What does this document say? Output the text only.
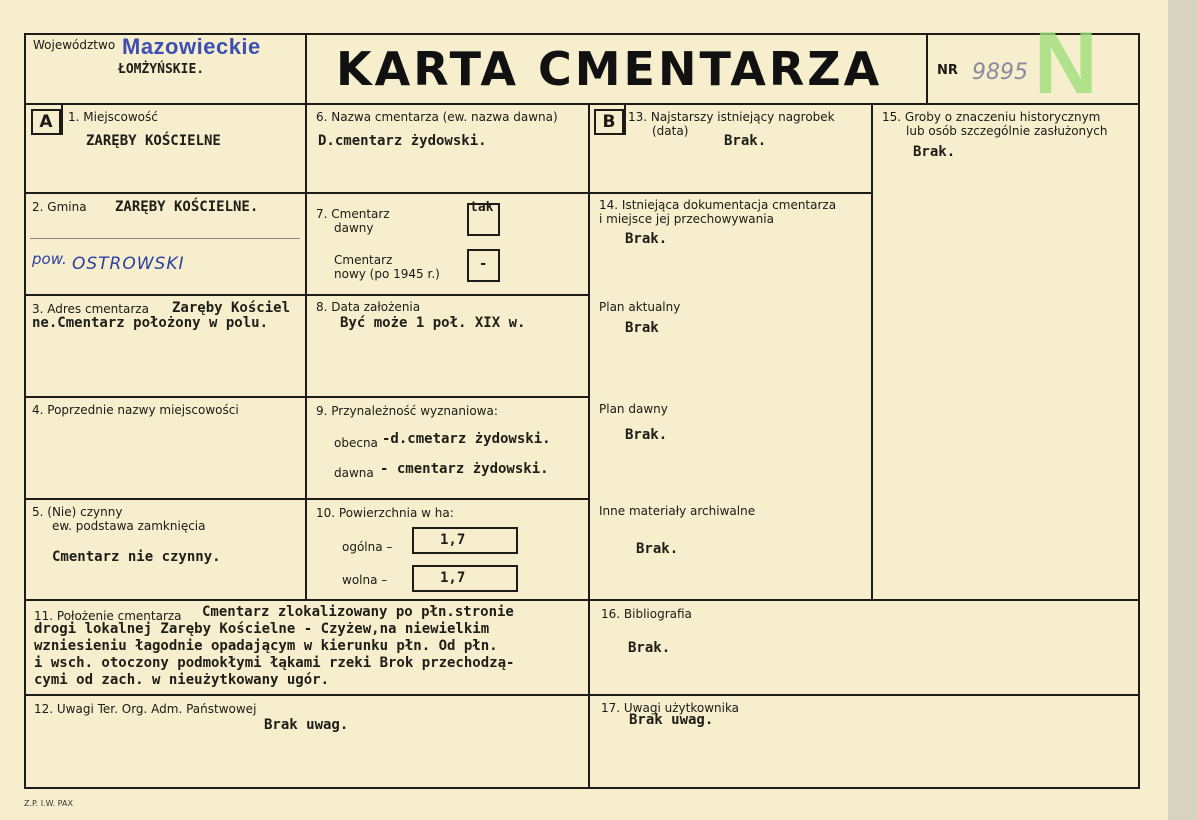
Województwo Mazowieckie
ŁOMŻYŃSKIE.	KARTA CMENTARZA	NR 9895 N
A	1. Miejscowość
ZARĘBY KOŚCIELNE
2. Gmina ZARĘBY KOŚCIELNE.
pow. OSTROWSKI
3. Adres cmentarza Zaręby Kościel
ne.Cmentarz położony w polu.
4. Poprzednie nazwy miejscowości
5. (Nie) czynny
ew. podstawa zamknięcia
Cmentarz nie czynny.
6. Nazwa cmentarza (ew. nazwa dawna)
D.cmentarz żydowski.
7. Cmentarz
dawny
tak
Cmentarz
nowy (po 1945 r.)
-
8. Data założenia
Być może 1 poł. XIX w.
9. Przynależność wyznaniowa:
obecna -d.cmetarz żydowski.
dawna - cmentarz żydowski.
10. Powierzchnia w ha:
ogólna –	1,7
wolna –	1,7
11. Położenie cmentarza Cmentarz zlokalizowany po płn.stronie
drogi lokalnej Zaręby Kościelne - Czyżew,na niewielkim
wzniesieniu łagodnie opadającym w kierunku płn. Od płn.
i wsch. otoczony podmokłymi łąkami rzeki Brok przechodzą-
cymi od zach. w nieużytkowany ugór.
12. Uwagi Ter. Org. Adm. Państwowej
Brak uwag.
B	13. Najstarszy istniejący nagrobek
(data)
Brak.
14. Istniejąca dokumentacja cmentarza
i miejsce jej przechowywania
Brak.
Plan aktualny
Brak
Plan dawny
Brak.
Inne materiały archiwalne
Brak.
15. Groby o znaczeniu historycznym
lub osób szczególnie zasłużonych
Brak.
16. Bibliografia
Brak.
17. Uwagi użytkownika
Brak uwag.
Z.P. I.W. PAX
